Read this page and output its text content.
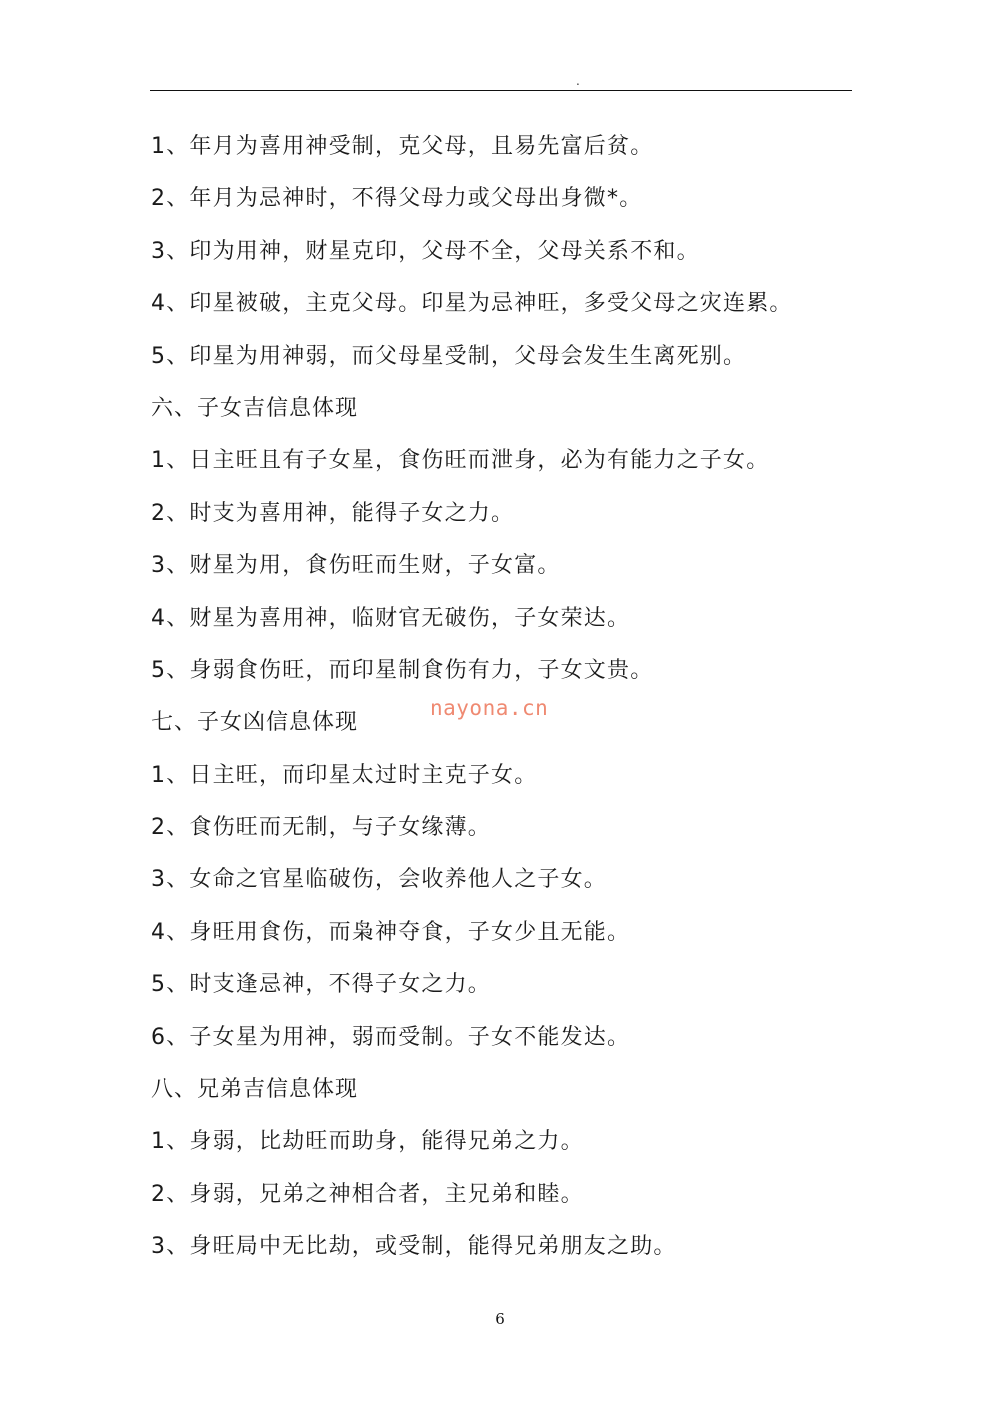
.
1、年月为喜用神受制，克父母，且易先富后贫。
2、年月为忌神时，不得父母力或父母出身微*。
3、印为用神，财星克印，父母不全，父母关系不和。
4、印星被破，主克父母。印星为忌神旺，多受父母之灾连累。
5、印星为用神弱，而父母星受制，父母会发生生离死别。
六、子女吉信息体现
1、日主旺且有子女星，食伤旺而泄身，必为有能力之子女。
2、时支为喜用神，能得子女之力。
3、财星为用，食伤旺而生财，子女富。
4、财星为喜用神，临财官无破伤，子女荣达。
5、身弱食伤旺，而印星制食伤有力，子女文贵。
七、子女凶信息体现
1、日主旺，而印星太过时主克子女。
2、食伤旺而无制，与子女缘薄。
3、女命之官星临破伤，会收养他人之子女。
4、身旺用食伤，而枭神夺食，子女少且无能。
5、时支逢忌神，不得子女之力。
6、子女星为用神，弱而受制。子女不能发达。
八、兄弟吉信息体现
1、身弱，比劫旺而助身，能得兄弟之力。
2、身弱，兄弟之神相合者，主兄弟和睦。
3、身旺局中无比劫，或受制，能得兄弟朋友之助。
nayona.cn
6
